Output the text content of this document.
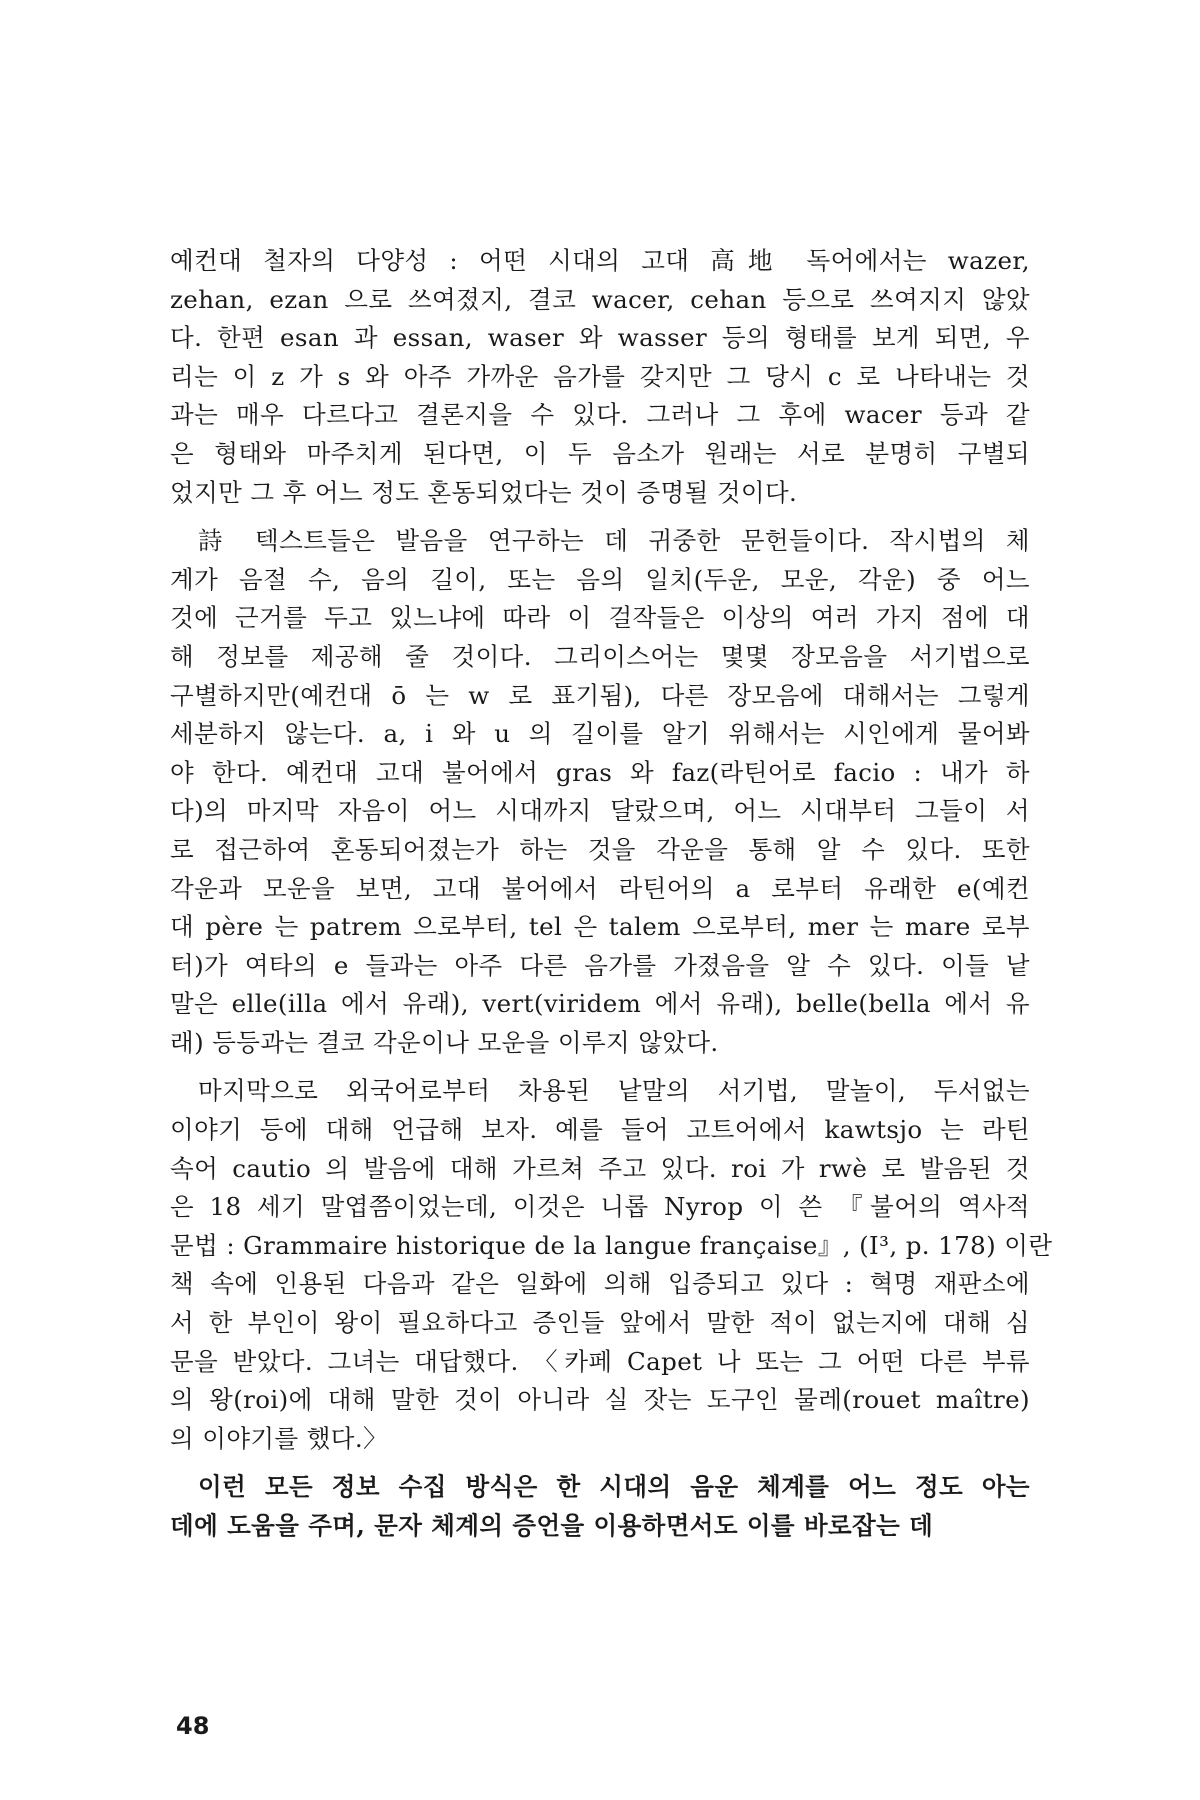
예컨대 철자의 다양성 : 어떤 시대의 고대 高地 독어에서는 wazer,
zehan, ezan 으로 쓰여졌지, 결코 wacer, cehan 등으로 쓰여지지 않았
다. 한편 esan 과 essan, waser 와 wasser 등의 형태를 보게 되면, 우
리는 이 z 가 s 와 아주 가까운 음가를 갖지만 그 당시 c 로 나타내는 것
과는 매우 다르다고 결론지을 수 있다. 그러나 그 후에 wacer 등과 같
은 형태와 마주치게 된다면, 이 두 음소가 원래는 서로 분명히 구별되
었지만 그 후 어느 정도 혼동되었다는 것이 증명될 것이다.
詩 텍스트들은 발음을 연구하는 데 귀중한 문헌들이다. 작시법의 체
계가 음절 수, 음의 길이, 또는 음의 일치(두운, 모운, 각운) 중 어느
것에 근거를 두고 있느냐에 따라 이 걸작들은 이상의 여러 가지 점에 대
해 정보를 제공해 줄 것이다. 그리이스어는 몇몇 장모음을 서기법으로
구별하지만(예컨대 ō 는 w 로 표기됨), 다른 장모음에 대해서는 그렇게
세분하지 않는다. a, i 와 u 의 길이를 알기 위해서는 시인에게 물어봐
야 한다. 예컨대 고대 불어에서 gras 와 faz(라틴어로 facio : 내가 하
다)의 마지막 자음이 어느 시대까지 달랐으며, 어느 시대부터 그들이 서
로 접근하여 혼동되어졌는가 하는 것을 각운을 통해 알 수 있다. 또한
각운과 모운을 보면, 고대 불어에서 라틴어의 a 로부터 유래한 e(예컨
대 père 는 patrem 으로부터, tel 은 talem 으로부터, mer 는 mare 로부
터)가 여타의 e 들과는 아주 다른 음가를 가졌음을 알 수 있다. 이들 낱
말은 elle(illa 에서 유래), vert(viridem 에서 유래), belle(bella 에서 유
래) 등등과는 결코 각운이나 모운을 이루지 않았다.
마지막으로 외국어로부터 차용된 낱말의 서기법, 말놀이, 두서없는
이야기 등에 대해 언급해 보자. 예를 들어 고트어에서 kawtsjo 는 라틴
속어 cautio 의 발음에 대해 가르쳐 주고 있다. roi 가 rwè 로 발음된 것
은 18 세기 말엽쯤이었는데, 이것은 니롭 Nyrop 이 쓴 『불어의 역사적
문법 : Grammaire historique de la langue française』, (I³, p. 178) 이란
책 속에 인용된 다음과 같은 일화에 의해 입증되고 있다 : 혁명 재판소에
서 한 부인이 왕이 필요하다고 증인들 앞에서 말한 적이 없는지에 대해 심
문을 받았다. 그녀는 대답했다. 〈카페 Capet 나 또는 그 어떤 다른 부류
의 왕(roi)에 대해 말한 것이 아니라 실 잣는 도구인 물레(rouet maître)
의 이야기를 했다.〉
이런 모든 정보 수집 방식은 한 시대의 음운 체계를 어느 정도 아는
데에 도움을 주며, 문자 체계의 증언을 이용하면서도 이를 바로잡는 데
48
